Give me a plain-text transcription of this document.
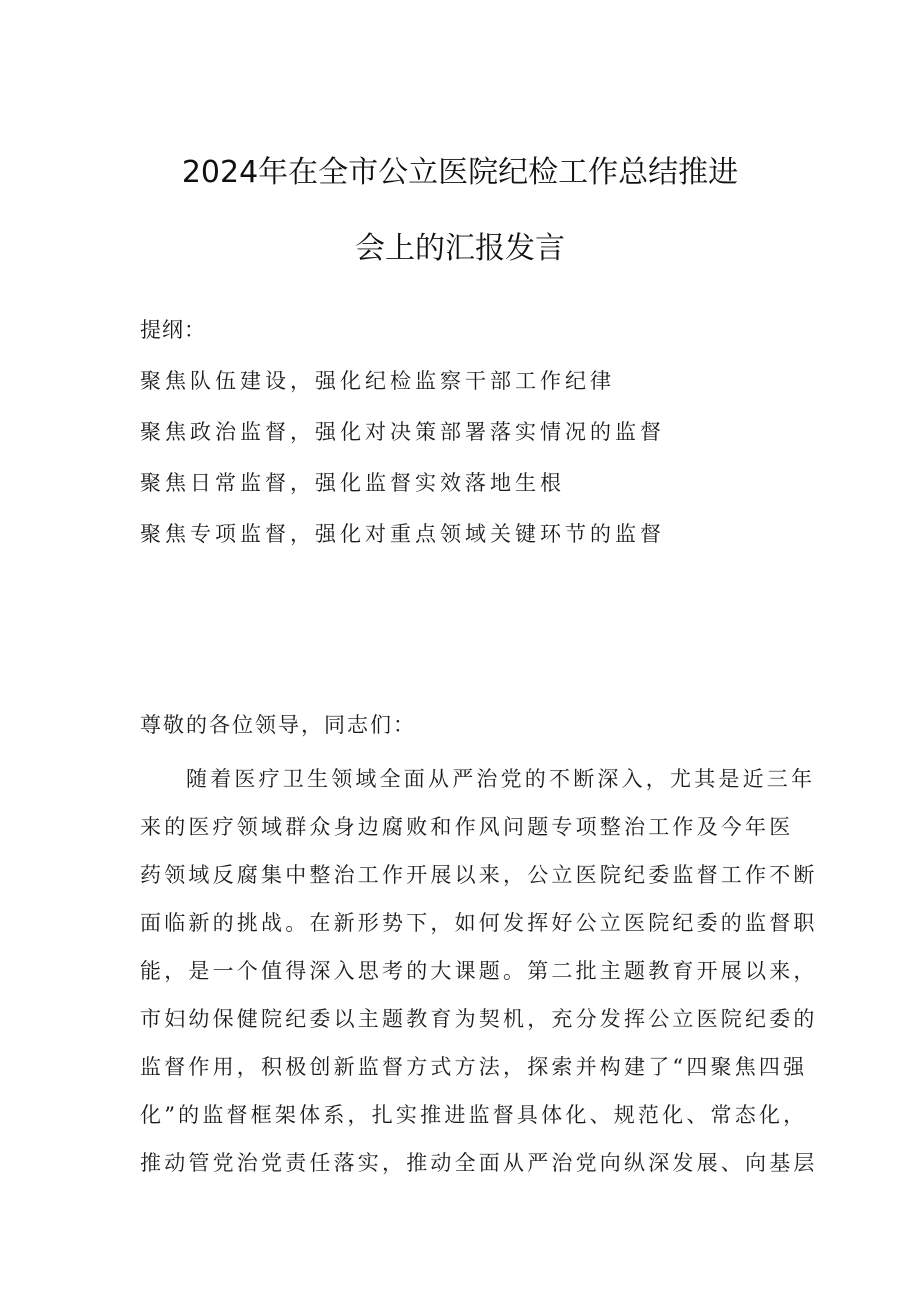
2024年在全市公立医院纪检工作总结推进
会上的汇报发言
提纲：
聚焦队伍建设，强化纪检监察干部工作纪律
聚焦政治监督，强化对决策部署落实情况的监督
聚焦日常监督，强化监督实效落地生根
聚焦专项监督，强化对重点领域关键环节的监督
尊敬的各位领导，同志们：
随着医疗卫生领域全面从严治党的不断深入，尤其是近三年
来的医疗领域群众身边腐败和作风问题专项整治工作及今年医
药领域反腐集中整治工作开展以来，公立医院纪委监督工作不断
面临新的挑战。在新形势下，如何发挥好公立医院纪委的监督职
能，是一个值得深入思考的大课题。第二批主题教育开展以来，
市妇幼保健院纪委以主题教育为契机，充分发挥公立医院纪委的
监督作用，积极创新监督方式方法，探索并构建了“四聚焦四强
化”的监督框架体系，扎实推进监督具体化、规范化、常态化，
推动管党治党责任落实，推动全面从严治党向纵深发展、向基层
